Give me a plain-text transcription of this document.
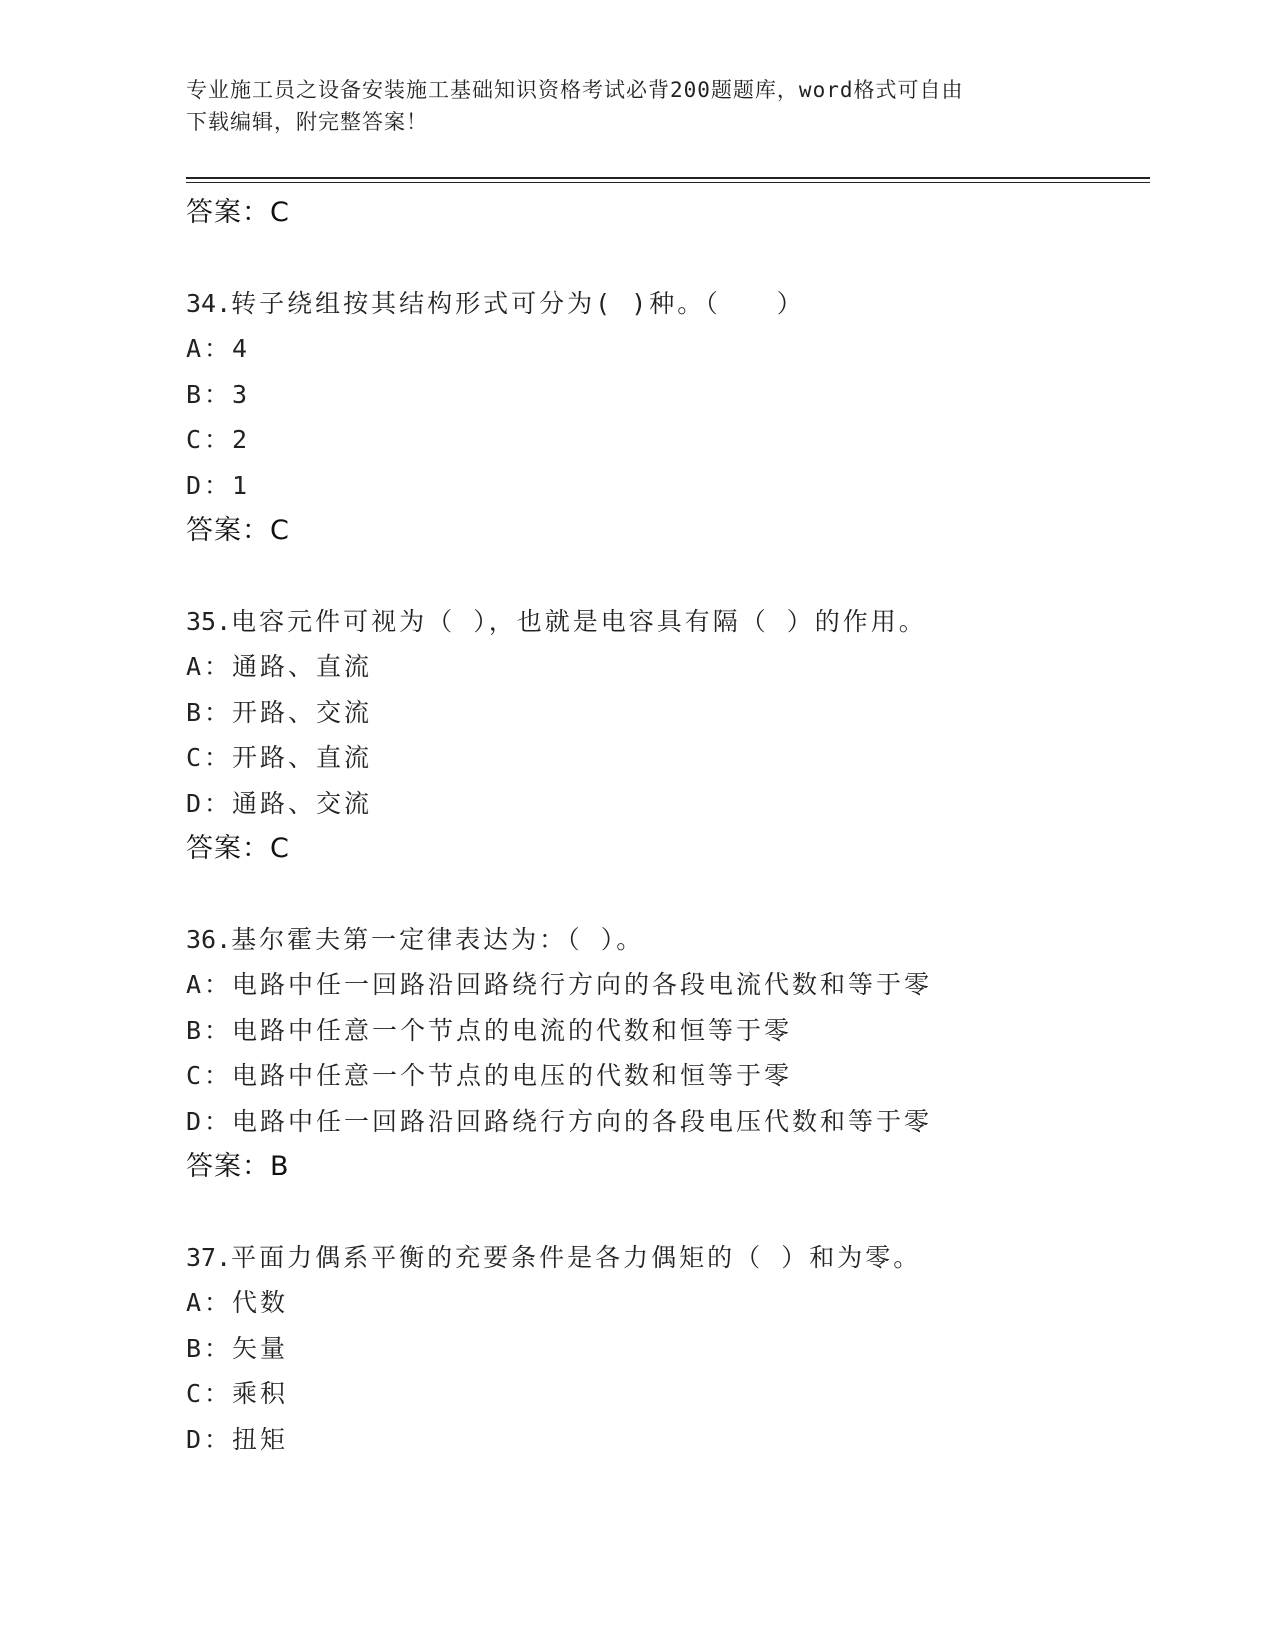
专业施工员之设备安装施工基础知识资格考试必背200题题库，word格式可自由
下载编辑，附完整答案！
答案：C
34.转子绕组按其结构形式可分为( )种。（　　）
A：4
B：3
C：2
D：1
答案：C
35.电容元件可视为（ ），也就是电容具有隔（ ）的作用。
A：通路、直流
B：开路、交流
C：开路、直流
D：通路、交流
答案：C
36.基尔霍夫第一定律表达为：（ ）。
A：电路中任一回路沿回路绕行方向的各段电流代数和等于零
B：电路中任意一个节点的电流的代数和恒等于零
C：电路中任意一个节点的电压的代数和恒等于零
D：电路中任一回路沿回路绕行方向的各段电压代数和等于零
答案：B
37.平面力偶系平衡的充要条件是各力偶矩的（ ）和为零。
A：代数
B：矢量
C：乘积
D：扭矩
